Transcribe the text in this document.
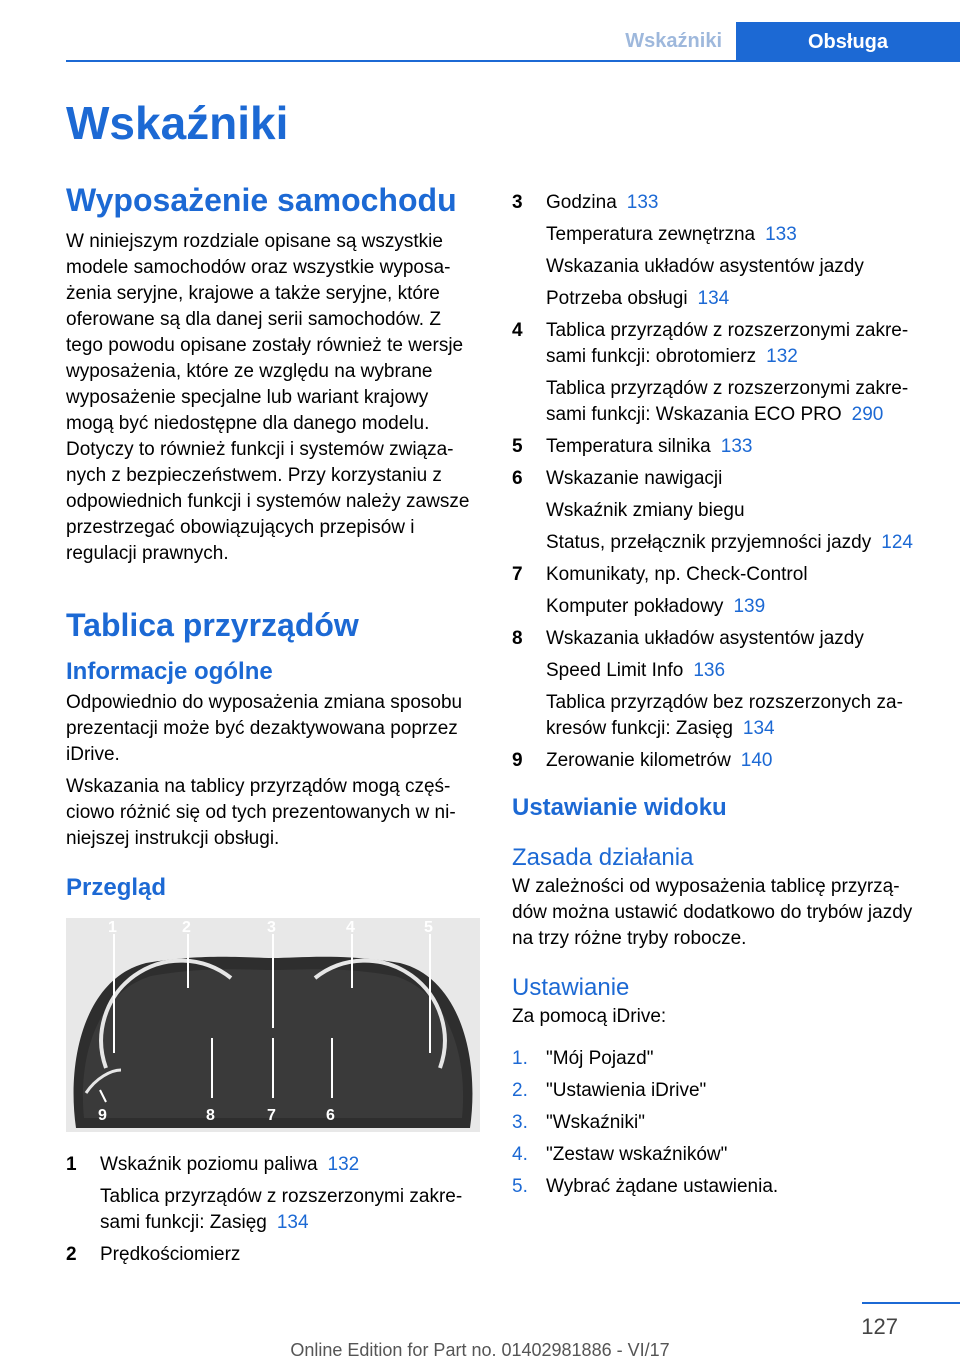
Wskaźniki	Obsługa
Wskaźniki
Wyposażenie samochodu

W niniejszym rozdziale opisane są wszystkie modele samochodów oraz wszystkie wyposażenia seryjne, krajowe a także seryjne, które oferowane są dla danej serii samochodów. Z tego powodu opisane zostały również te wersje wyposażenia, które ze względu na wybrane wyposażenie specjalne lub wariant krajowy mogą być niedostępne dla danego modelu. Dotyczy to również funkcji i systemów związanych z bezpieczeństwem. Przy korzystaniu z odpowiednich funkcji i systemów należy zawsze przestrzegać obowiązujących przepisów i regulacji prawnych.

Tablica przyrządów
Informacje ogólne

Odpowiednio do wyposażenia zmiana sposobu prezentacji może być dezaktywowana poprzez iDrive.

Wskazania na tablicy przyrządów mogą częściowo różnić się od tych prezentowanych w niniejszej instrukcji obsługi.

Przegląd
1	2	3	4	5
6
7
8
9
1	Wskaźnik poziomu paliwa 132
Tablica przyrządów z rozszerzonymi zakresami funkcji: Zasięg 134
2	Prędkościomierz
3	Godzina 133
Temperatura zewnętrzna 133
Wskazania układów asystentów jazdy
Potrzeba obsługi 134
4	Tablica przyrządów z rozszerzonymi zakresami funkcji: obrotomierz 132
Tablica przyrządów z rozszerzonymi zakresami funkcji: Wskazania ECO PRO 290
5	Temperatura silnika 133
6	Wskazanie nawigacji
Wskaźnik zmiany biegu
Status, przełącznik przyjemności jazdy 124
7	Komunikaty, np. Check-Control
Komputer pokładowy 139
8	Wskazania układów asystentów jazdy
Speed Limit Info 136
Tablica przyrządów bez rozszerzonych zakresów funkcji: Zasięg 134
9	Zerowanie kilometrów 140
Ustawianie widoku
Zasada działania

W zależności od wyposażenia tablicę przyrządów można ustawić dodatkowo do trybów jazdy na trzy różne tryby robocze.

Ustawianie

Za pomocą iDrive:

1. "Mój Pojazd"
2. "Ustawienia iDrive"
3. "Wskaźniki"
4. "Zestaw wskaźników"
5. Wybrać żądane ustawienia.
127
Online Edition for Part no. 01402981886 - VI/17
